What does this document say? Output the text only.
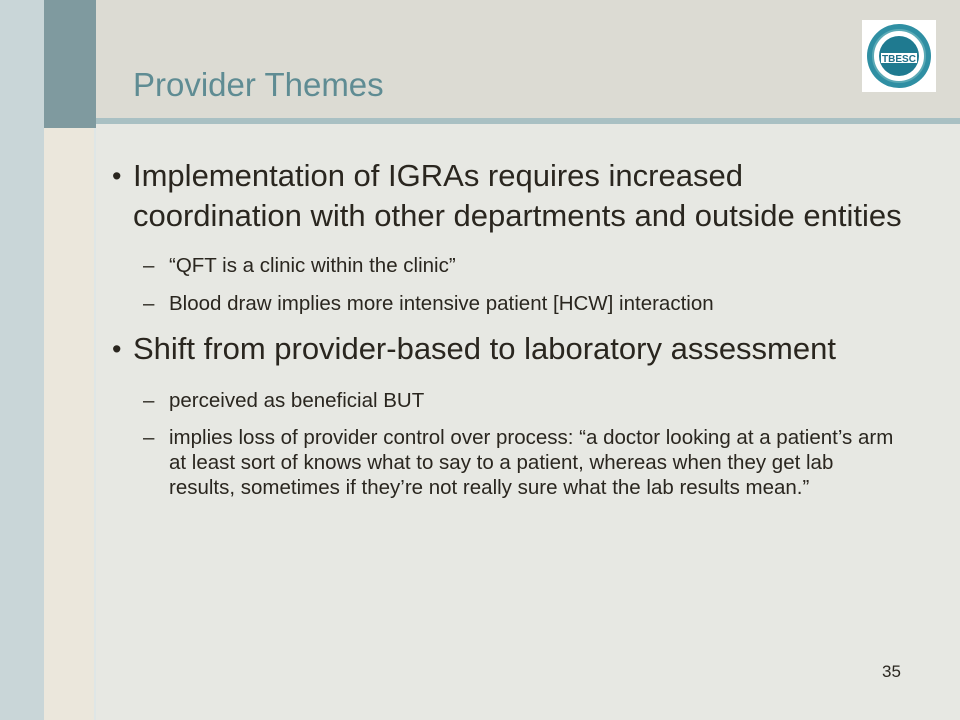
Provider Themes
TBESC

• Implementation of IGRAs requires increased coordination with other departments and outside entities

– “QFT is a clinic within the clinic”

– Blood draw implies more intensive patient [HCW] interaction

• Shift from provider-based to laboratory assessment

– perceived as beneficial BUT

– implies loss of provider control over process: “a doctor looking at a patient’s arm at least sort of knows what to say to a patient, whereas when they get lab results, sometimes if they’re not really sure what the lab results mean.”

35
